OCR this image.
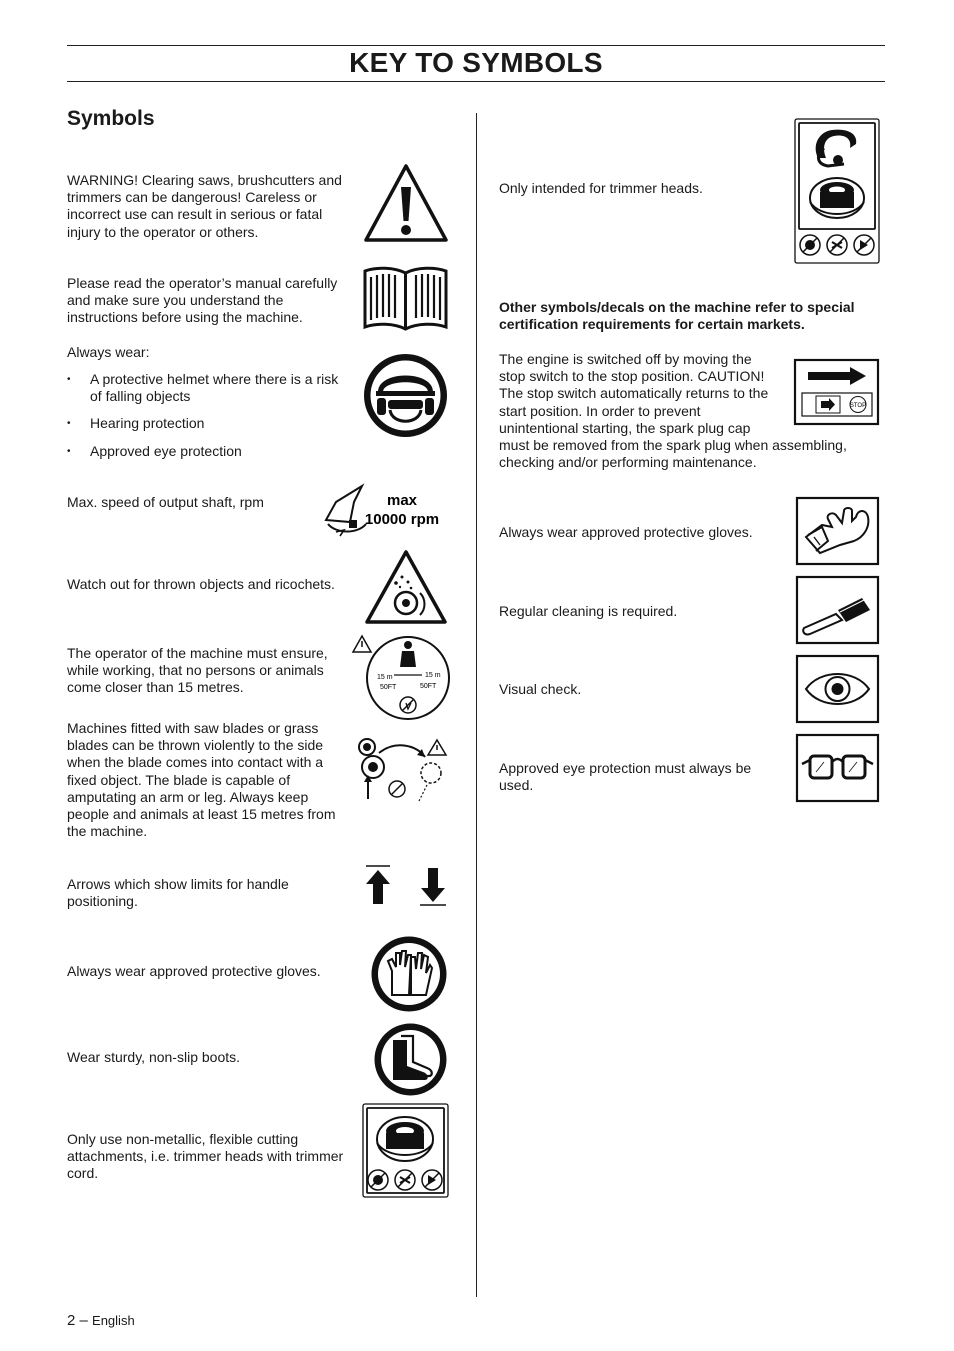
KEY TO SYMBOLS
Symbols

WARNING! Clearing saws, brushcutters and trimmers can be dangerous! Careless or incorrect use can result in serious or fatal injury to the operator or others.

Please read the operator’s manual carefully and make sure you understand the instructions before using the machine.

Always wear:

• A protective helmet where there is a risk of falling objects
• Hearing protection
• Approved eye protection

Max. speed of output shaft, rpm	max
10000 rpm

Watch out for thrown objects and ricochets.

The operator of the machine must ensure, while working, that no persons or animals come closer than 15 metres.

15 m	15 m
50FT	50FT

Machines fitted with saw blades or grass blades can be thrown violently to the side when the blade comes into contact with a fixed object. The blade is capable of amputating an arm or leg. Always keep people and animals at least 15 metres from the machine.

Arrows which show limits for handle positioning.

Always wear approved protective gloves.

Wear sturdy, non-slip boots.

Only use non-metallic, flexible cutting attachments, i.e. trimmer heads with trimmer cord.

Only intended for trimmer heads.

Other symbols/decals on the machine refer to special certification requirements for certain markets.

The engine is switched off by moving the

stop switch to the stop position. CAUTION!

The stop switch automatically returns to the

start position. In order to prevent

unintentional starting, the spark plug cap

must be removed from the spark plug when assembling, checking and/or performing maintenance.

STOP

Always wear approved protective gloves.

Regular cleaning is required.

Visual check.

Approved eye protection must always be used.

2 – English
